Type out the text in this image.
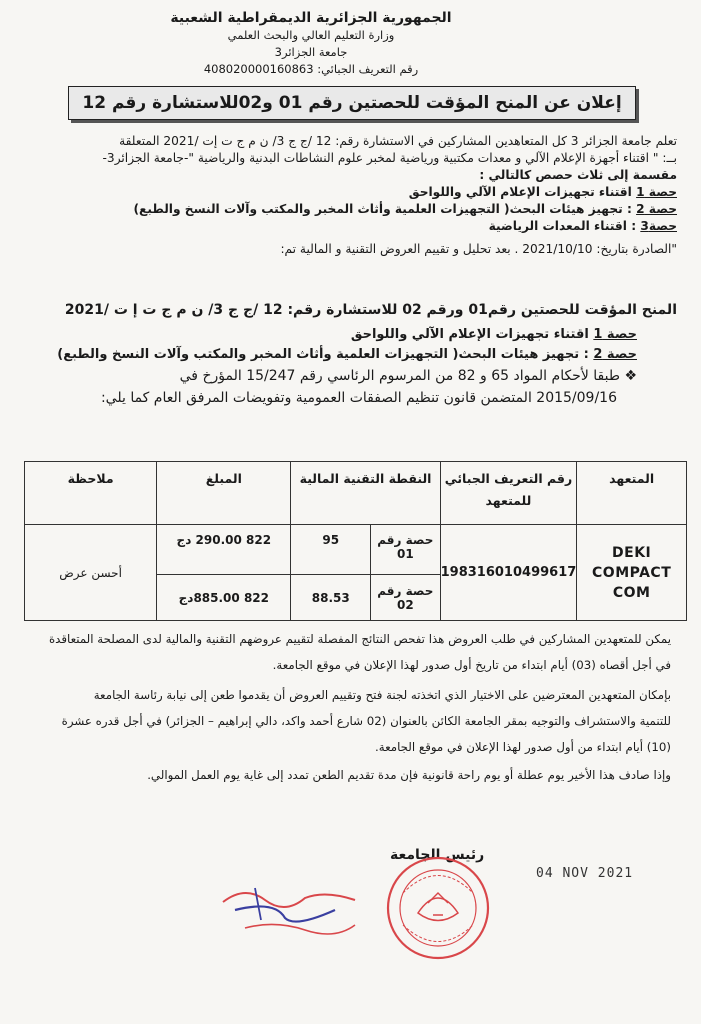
الجمهورية الجزائرية الديمقراطية الشعبية
وزارة التعليم العالي والبحث العلمي
جامعة الجزائر3
رقم التعريف الجبائي: 408020000160863
إعلان عن المنح المؤقت للحصتين رقم 01 و02للاستشارة رقم 12
تعلم جامعة الجزائر 3 كل المتعاهدين المشاركين في الاستشارة رقم: 12 /ج ج 3/ ن م ج ت إت /2021 المتعلقة
بــ: " اقتناء أجهزة الإعلام الآلي و معدات مكتبية ورياضية لمخبر علوم النشاطات البدنية والرياضية "-جامعة الجزائر3-
مقسمة إلى ثلاث حصص كالتالي :
حصة 1 اقتناء تجهيزات الإعلام الآلي واللواحق
حصة 2 : تجهيز هيئات البحث( التجهيزات العلمية وأثاث المخبر والمكتب وآلات النسخ والطبع)
حصة3 : اقتناء المعدات الرياضية
"الصادرة بتاريخ: 2021/10/10 . بعد تحليل و تقييم العروض التقنية و المالية تم:
المنح المؤقت للحصتين رقم01 ورقم 02 للاستشارة رقم: 12 /ج ج 3/ ن م ج ت إ ت /2021
حصة 1 اقتناء تجهيزات الإعلام الآلي واللواحق
حصة 2 : تجهيز هيئات البحث( التجهيزات العلمية وأثاث المخبر والمكتب وآلات النسخ والطبع)
❖ طبقا لأحكام المواد 65 و 82 من المرسوم الرئاسي رقم 15/247 المؤرخ في
2015/09/16 المتضمن قانون تنظيم الصفقات العمومية وتفويضات المرفق العام كما يلي:
المتعهد	رقم التعريف الجبائي للمتعهد	النقطة التقنية المالية		المبلغ	ملاحظة
DEKI COMPACT COM	198316010499617	حصة رقم 01	95	822 290.00 دج	أحسن عرض
		حصة رقم 02	88.53	822 885.00دج	
يمكن للمتعهدين المشاركين في طلب العروض هذا تفحص النتائج المفصلة لتقييم عروضهم التقنية والمالية لدى المصلحة المتعاقدة
في أجل أقصاه (03) أيام ابتداء من تاريخ أول صدور لهذا الإعلان في موقع الجامعة.
بإمكان المتعهدين المعترضين على الاختيار الذي اتخذته لجنة فتح وتقييم العروض أن يقدموا طعن إلى نيابة رئاسة الجامعة
للتنمية والاستشراف والتوجيه بمقر الجامعة الكائن بالعنوان (02 شارع أحمد واكد، دالي إبراهيم – الجزائر) في أجل قدره عشرة
(10) أيام ابتداء من أول صدور لهذا الإعلان في موقع الجامعة.
وإذا صادف هذا الأخير يوم عطلة أو يوم راحة قانونية فإن مدة تقديم الطعن تمدد إلى غاية يوم العمل الموالي.
رئيس الجامعة
04 NOV 2021
